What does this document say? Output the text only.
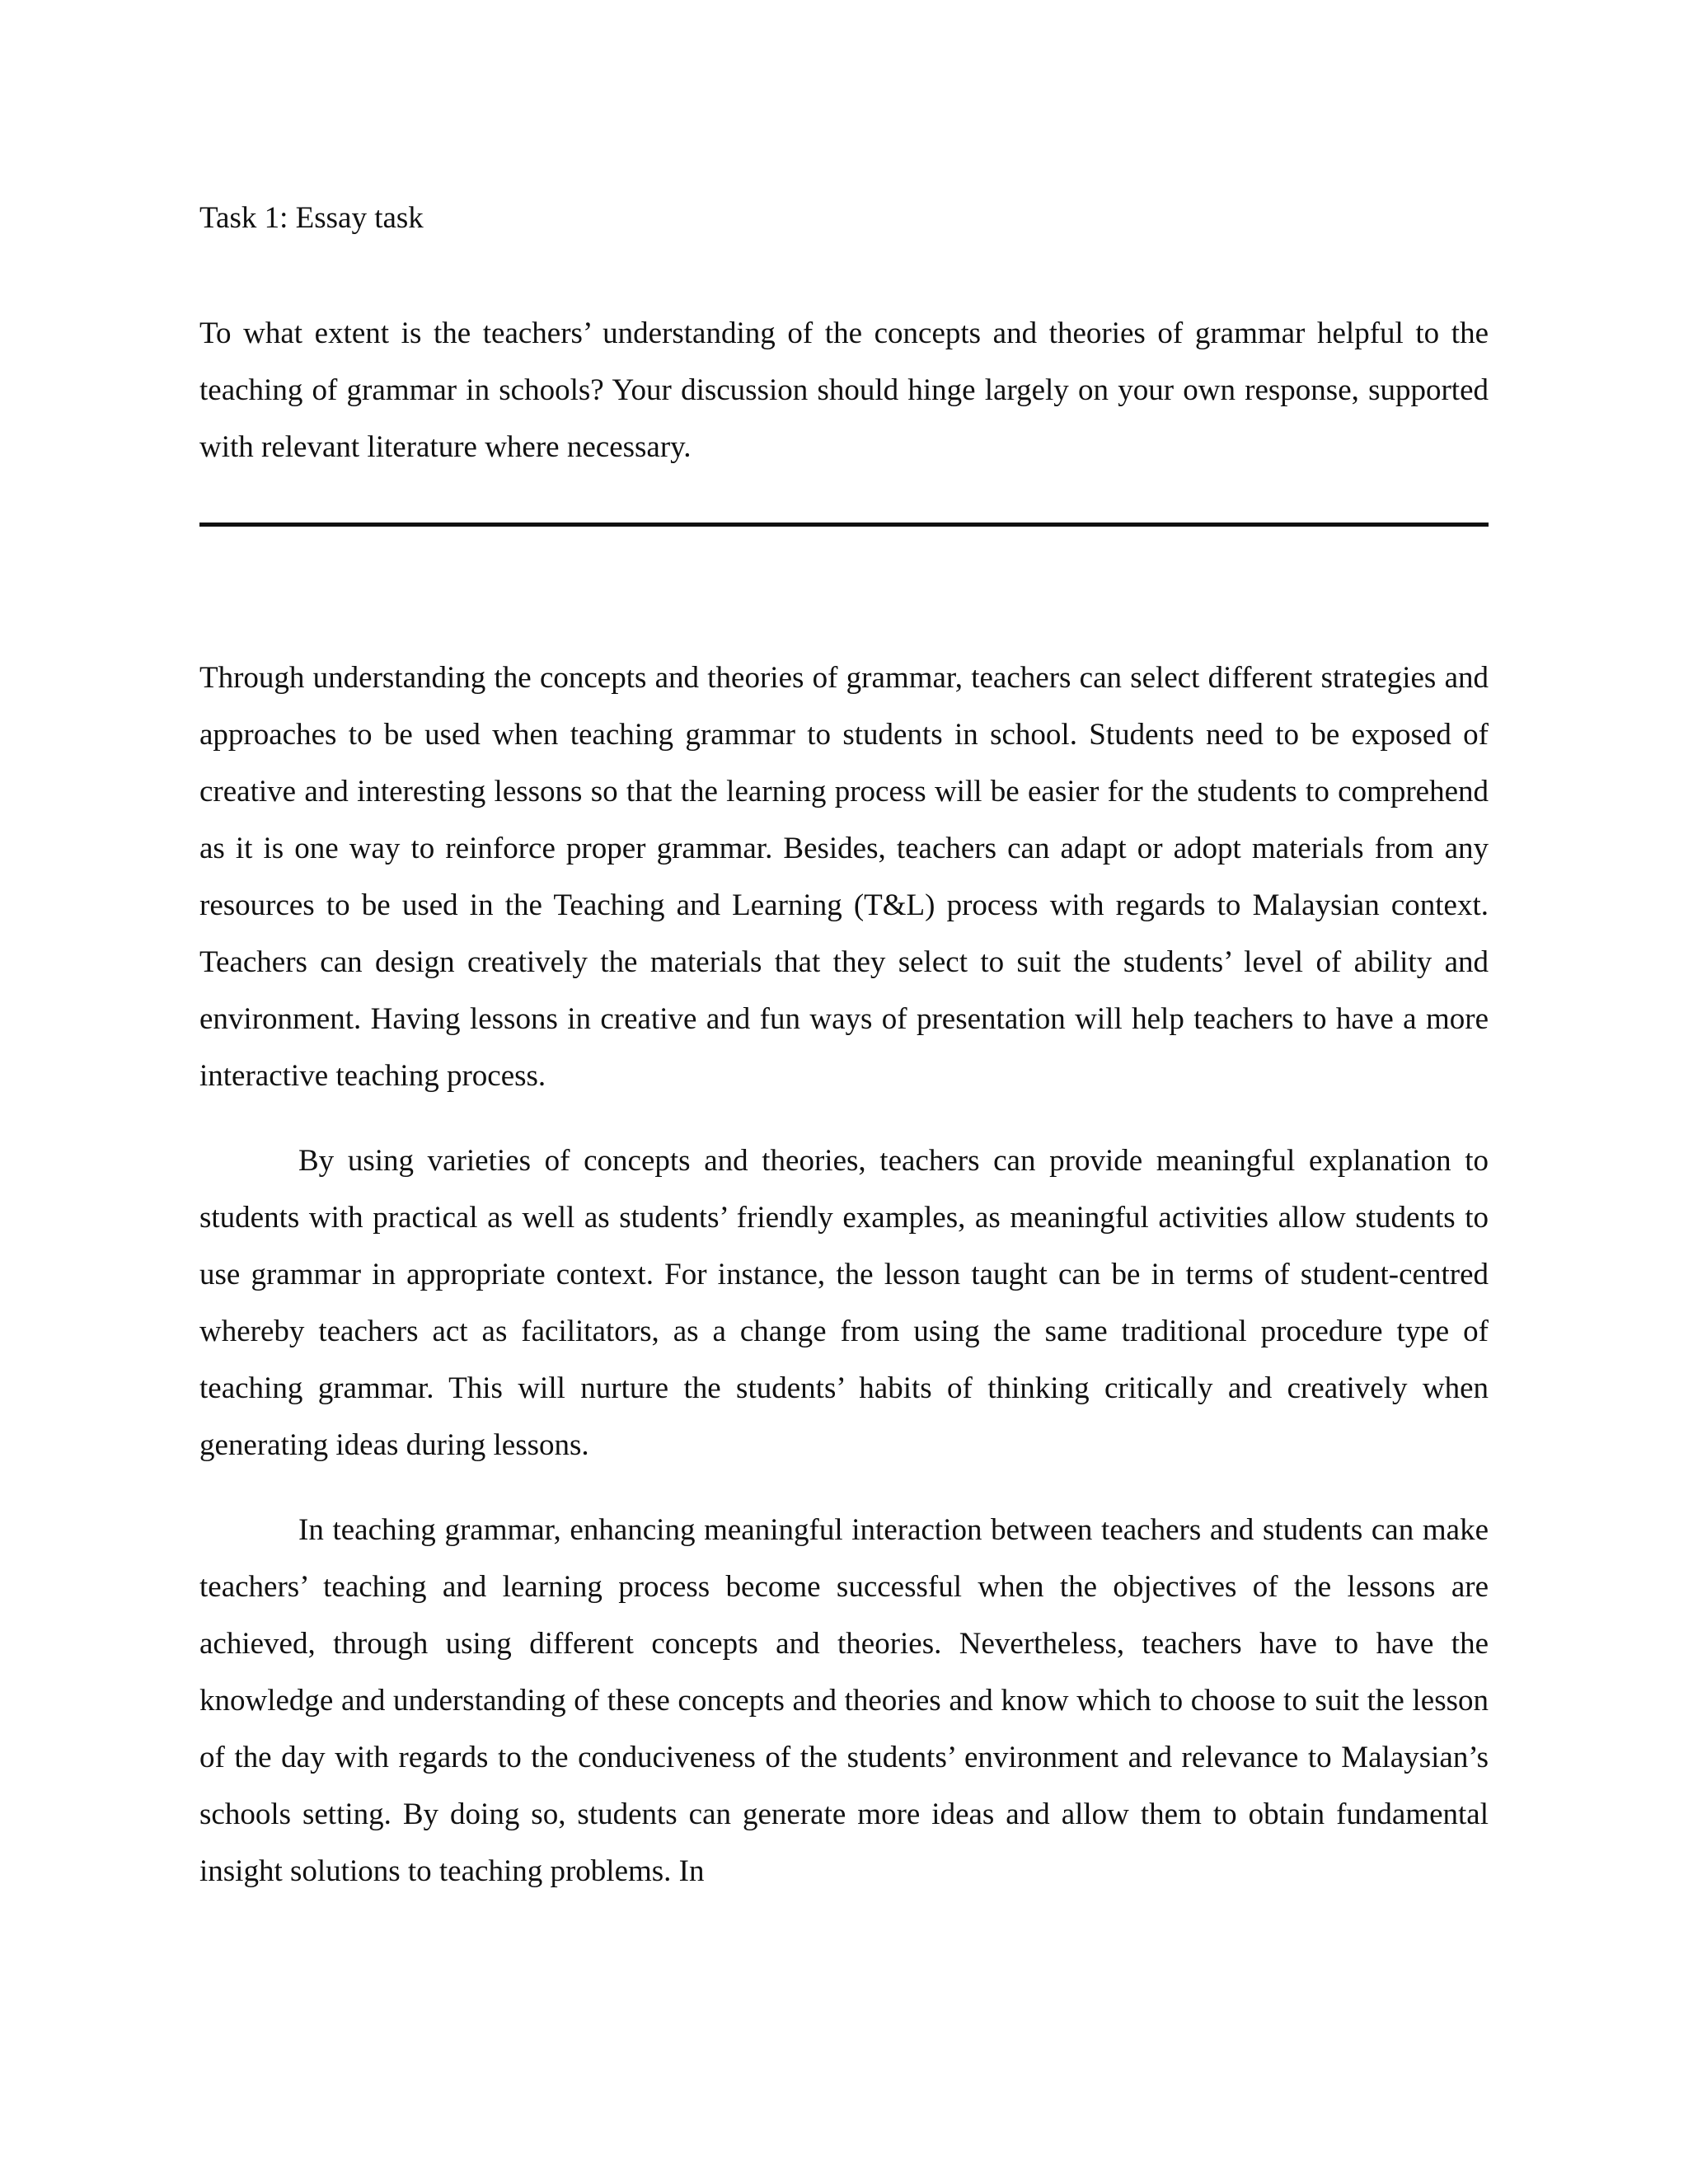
Task 1: Essay task

To what extent is the teachers’ understanding of the concepts and theories of grammar helpful to the teaching of grammar in schools? Your discussion should hinge largely on your own response, supported with relevant literature where necessary.

Through understanding the concepts and theories of grammar, teachers can select different strategies and approaches to be used when teaching grammar to students in school. Students need to be exposed of creative and interesting lessons so that the learning process will be easier for the students to comprehend as it is one way to reinforce proper grammar. Besides, teachers can adapt or adopt materials from any resources to be used in the Teaching and Learning (T&L) process with regards to Malaysian context. Teachers can design creatively the materials that they select to suit the students’ level of ability and environment. Having lessons in creative and fun ways of presentation will help teachers to have a more interactive teaching process.

By using varieties of concepts and theories, teachers can provide meaningful explanation to students with practical as well as students’ friendly examples, as meaningful activities allow students to use grammar in appropriate context. For instance, the lesson taught can be in terms of student-centred whereby teachers act as facilitators, as a change from using the same traditional procedure type of teaching grammar. This will nurture the students’ habits of thinking critically and creatively when generating ideas during lessons.

In teaching grammar, enhancing meaningful interaction between teachers and students can make teachers’ teaching and learning process become successful when the objectives of the lessons are achieved, through using different concepts and theories. Nevertheless, teachers have to have the knowledge and understanding of these concepts and theories and know which to choose to suit the lesson of the day with regards to the conduciveness of the students’ environment and relevance to Malaysian’s schools setting. By doing so, students can generate more ideas and allow them to obtain fundamental insight solutions to teaching problems. In
